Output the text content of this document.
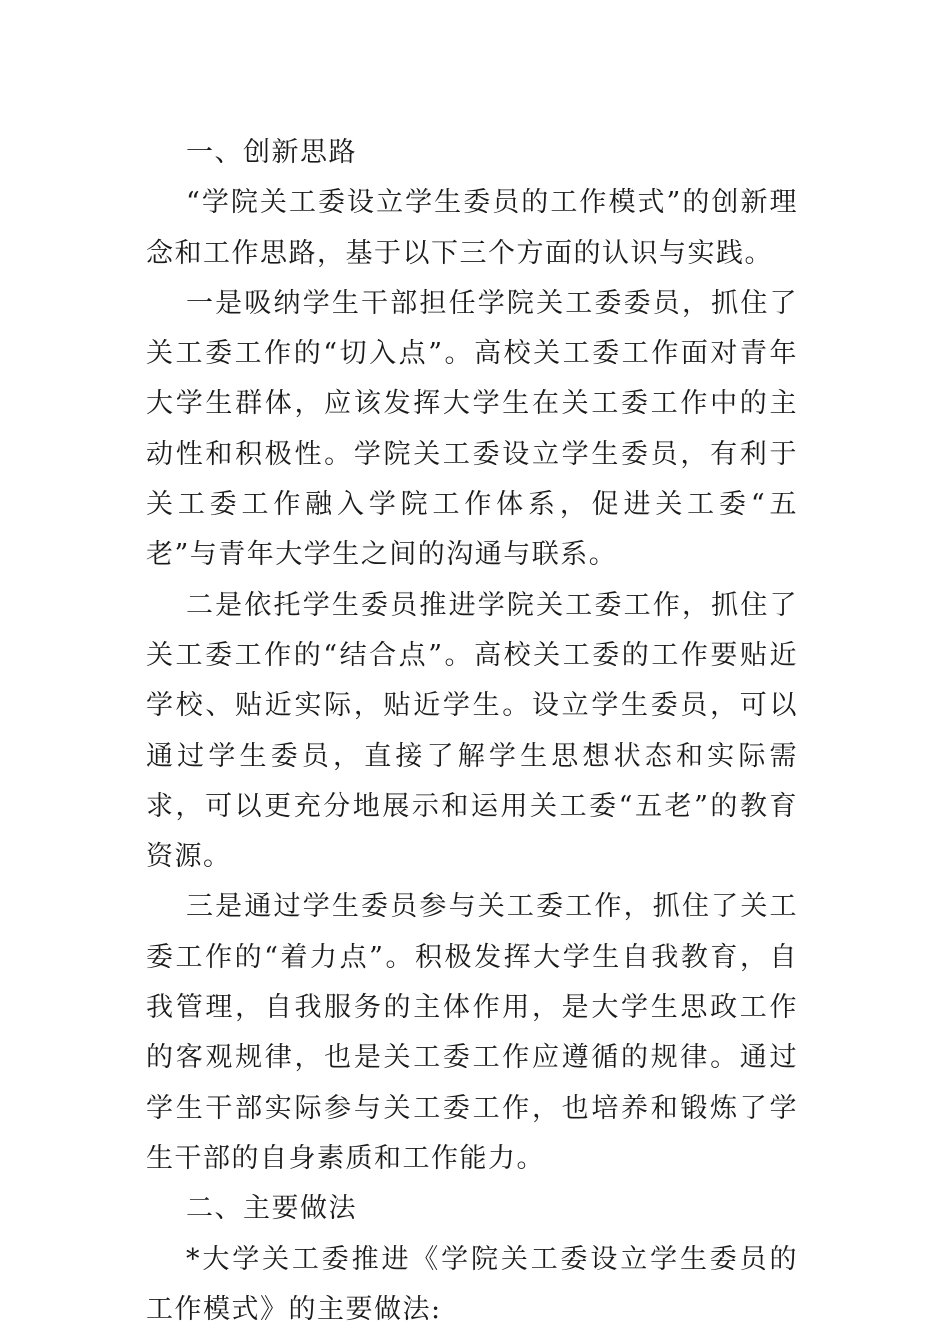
一、创新思路

“学院关工委设立学生委员的工作模式”的创新理念和工作思路，基于以下三个方面的认识与实践。

一是吸纳学生干部担任学院关工委委员，抓住了关工委工作的“切入点”。高校关工委工作面对青年大学生群体，应该发挥大学生在关工委工作中的主动性和积极性。学院关工委设立学生委员，有利于关工委工作融入学院工作体系，促进关工委“五老”与青年大学生之间的沟通与联系。

二是依托学生委员推进学院关工委工作，抓住了关工委工作的“结合点”。高校关工委的工作要贴近学校、贴近实际，贴近学生。设立学生委员，可以通过学生委员，直接了解学生思想状态和实际需求，可以更充分地展示和运用关工委“五老”的教育资源。

三是通过学生委员参与关工委工作，抓住了关工委工作的“着力点”。积极发挥大学生自我教育，自我管理，自我服务的主体作用，是大学生思政工作的客观规律，也是关工委工作应遵循的规律。通过学生干部实际参与关工委工作，也培养和锻炼了学生干部的自身素质和工作能力。

二、主要做法

*大学关工委推进《学院关工委设立学生委员的工作模式》的主要做法:
